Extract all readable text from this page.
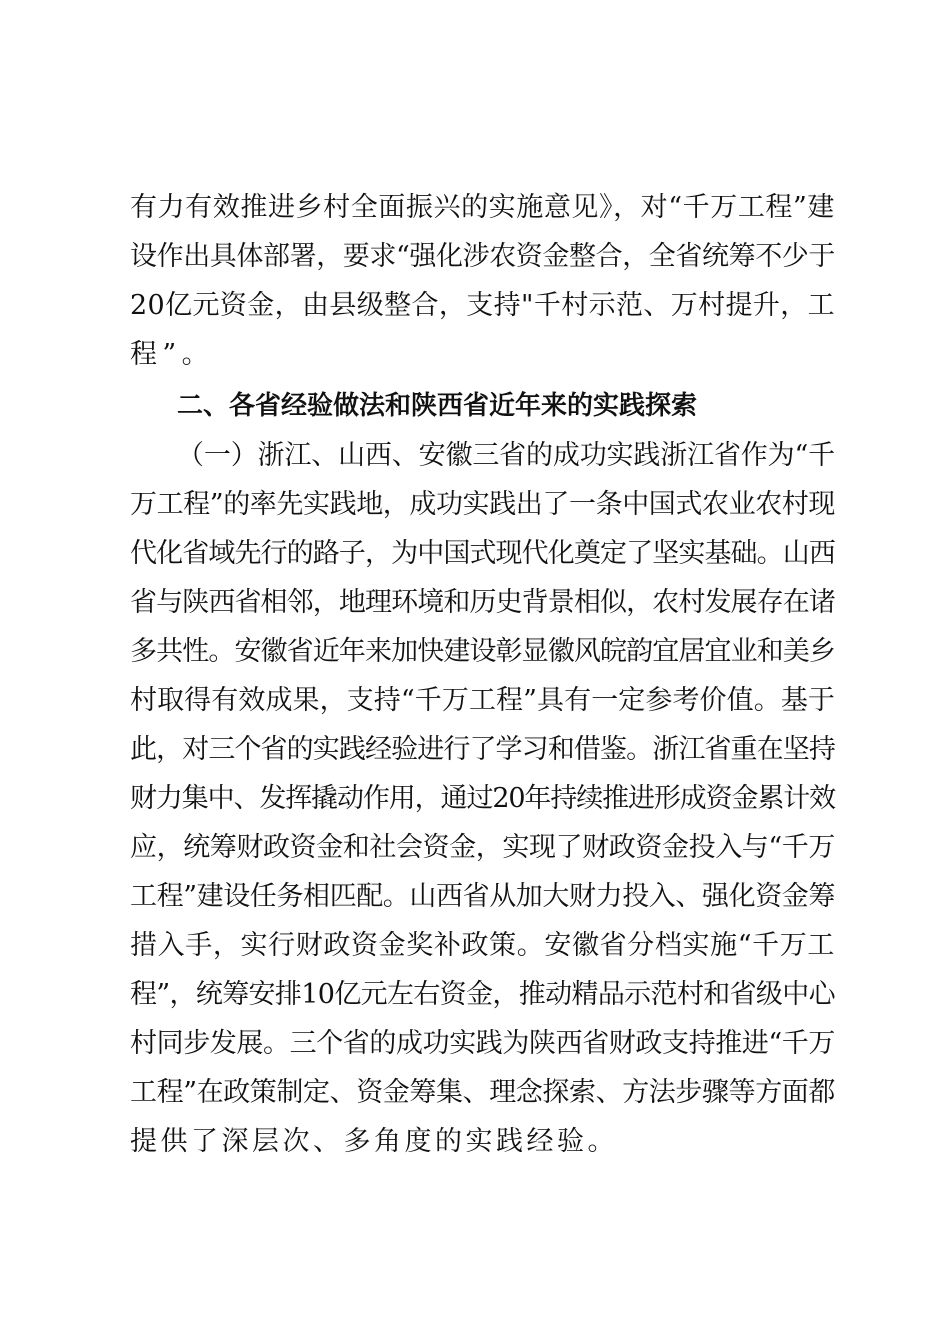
有力有效推进乡村全面振兴的实施意见》，对“千万工程”建
设作出具体部署，要求“强化涉农资金整合，全省统筹不少于
20亿元资金，由县级整合，支持"千村示范、万村提升，工
程”。
二、各省经验做法和陕西省近年来的实践探索
（一）浙江、山西、安徽三省的成功实践浙江省作为“千
万工程”的率先实践地，成功实践出了一条中国式农业农村现
代化省域先行的路子，为中国式现代化奠定了坚实基础。山西
省与陕西省相邻，地理环境和历史背景相似，农村发展存在诸
多共性。安徽省近年来加快建设彰显徽风皖韵宜居宜业和美乡
村取得有效成果，支持“千万工程”具有一定参考价值。基于
此，对三个省的实践经验进行了学习和借鉴。浙江省重在坚持
财力集中、发挥撬动作用，通过20年持续推进形成资金累计效
应，统筹财政资金和社会资金，实现了财政资金投入与“千万
工程”建设任务相匹配。山西省从加大财力投入、强化资金筹
措入手，实行财政资金奖补政策。安徽省分档实施“千万工
程”，统筹安排10亿元左右资金，推动精品示范村和省级中心
村同步发展。三个省的成功实践为陕西省财政支持推进“千万
工程”在政策制定、资金筹集、理念探索、方法步骤等方面都
提供了深层次、多角度的实践经验。
